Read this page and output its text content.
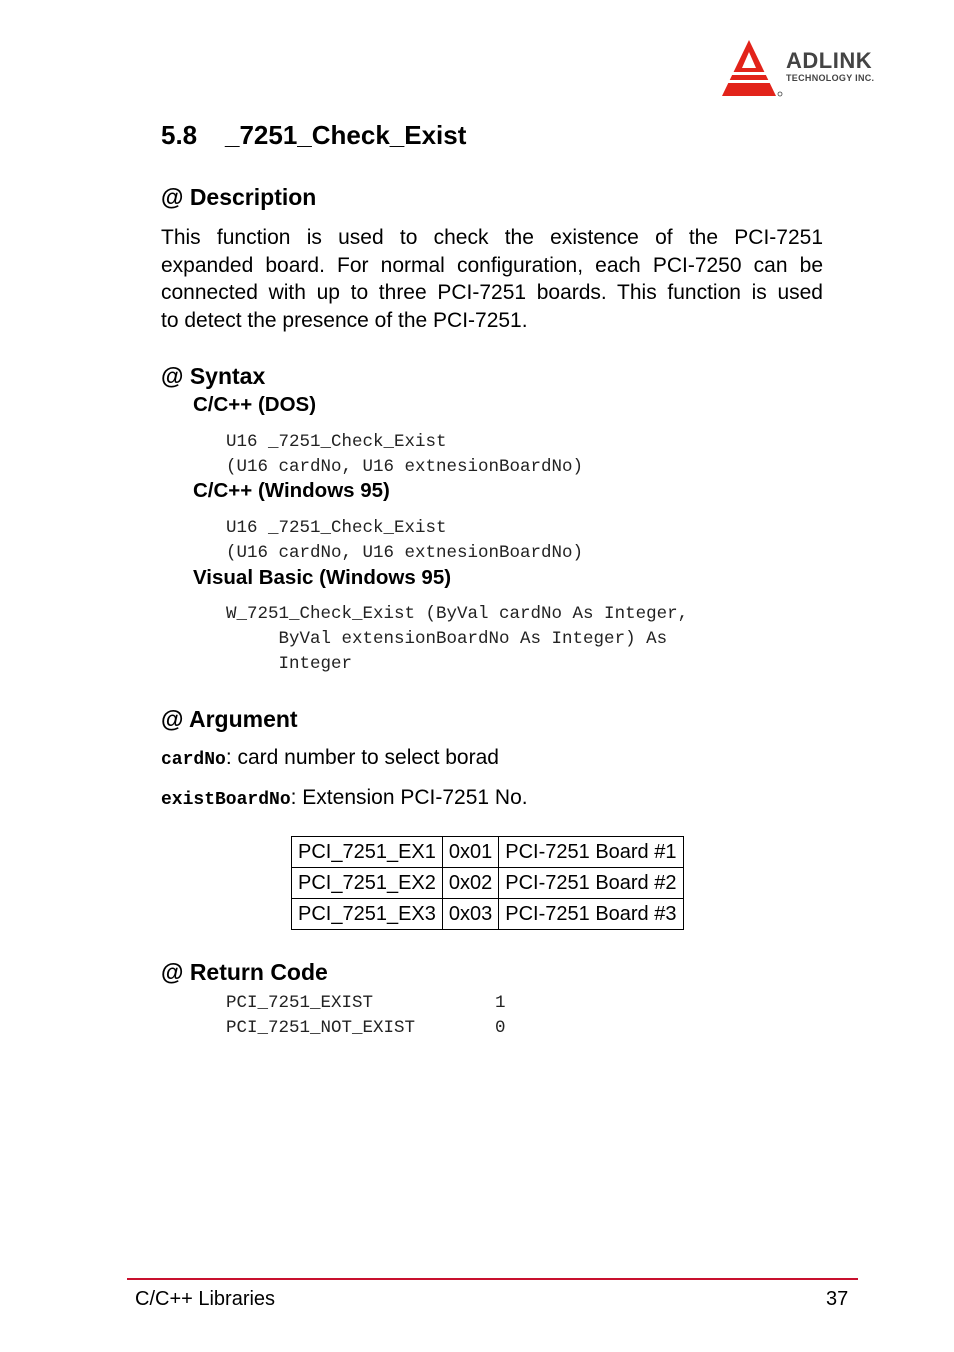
ADLINK
TECHNOLOGY INC.
5.8 _7251_Check_Exist
@ Description
This function is used to check the existence of the PCI-7251
expanded board. For normal configuration, each PCI-7250 can be
connected with up to three PCI-7251 boards. This function is used
to detect the presence of the PCI-7251.
@ Syntax
C/C++ (DOS)
U16 _7251_Check_Exist
(U16 cardNo, U16 extnesionBoardNo)
C/C++ (Windows 95)
U16 _7251_Check_Exist
(U16 cardNo, U16 extnesionBoardNo)
Visual Basic (Windows 95)
W_7251_Check_Exist (ByVal cardNo As Integer,
ByVal extensionBoardNo As Integer) As
Integer
@ Argument
cardNo: card number to select borad
existBoardNo: Extension PCI-7251 No.
PCI_7251_EX1	0x01	PCI-7251 Board #1
PCI_7251_EX2	0x02	PCI-7251 Board #2
PCI_7251_EX3	0x03	PCI-7251 Board #3
@ Return Code
PCI_7251_EXIST	1
PCI_7251_NOT_EXIST	0
C/C++ Libraries	37
